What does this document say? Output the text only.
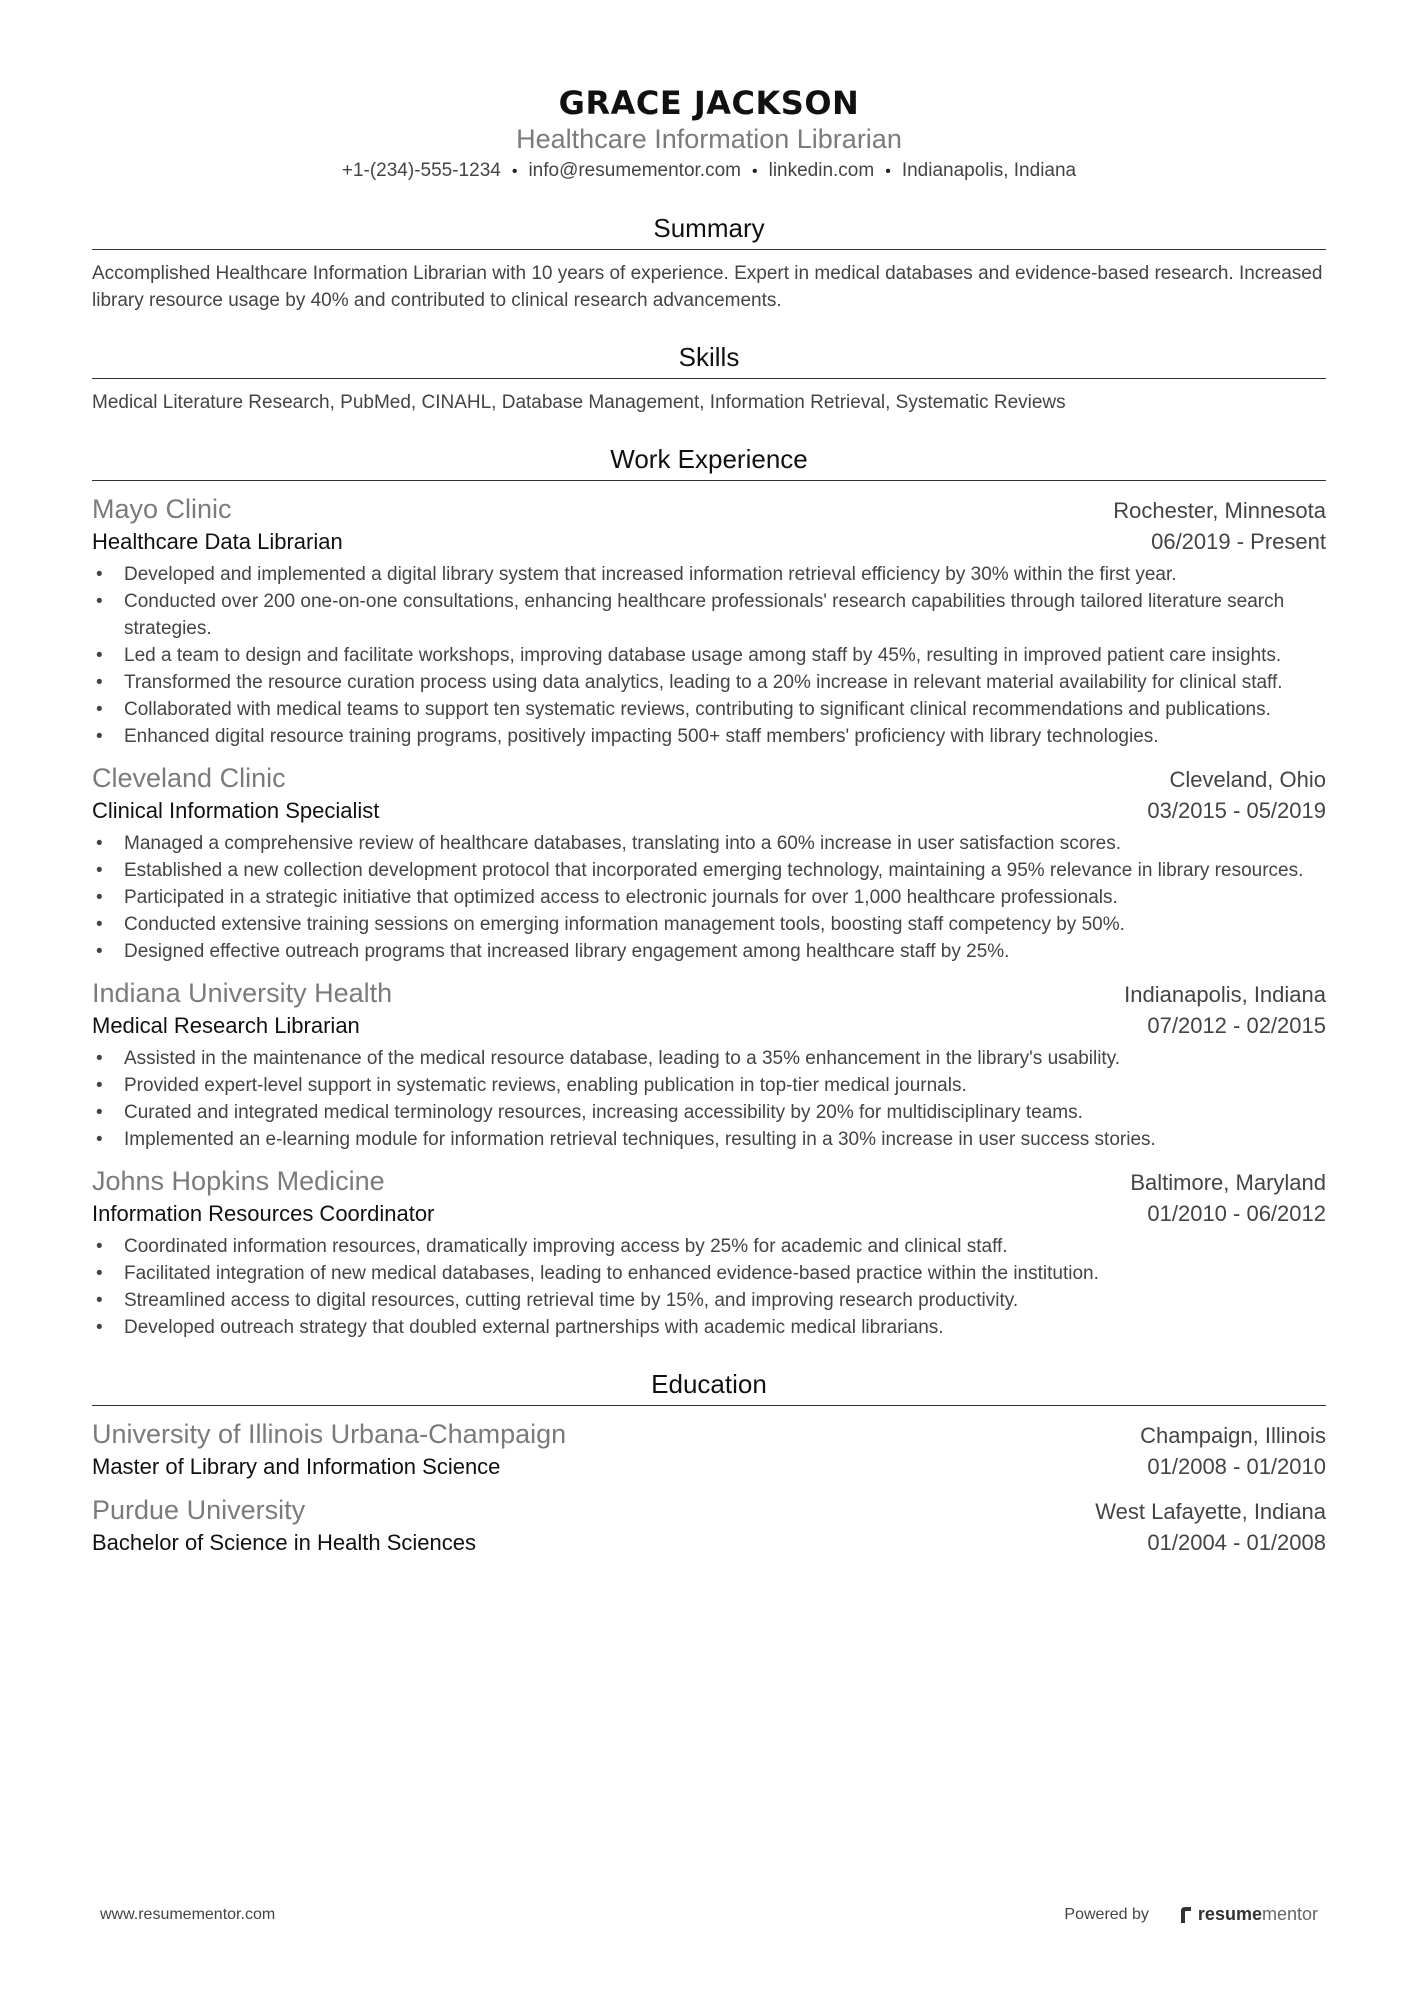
GRACE JACKSON
Healthcare Information Librarian
+1-(234)-555-1234 • info@resumementor.com • linkedin.com • Indianapolis, Indiana
Summary
Accomplished Healthcare Information Librarian with 10 years of experience. Expert in medical databases and evidence-based research. Increased library resource usage by 40% and contributed to clinical research advancements.
Skills
Medical Literature Research, PubMed, CINAHL, Database Management, Information Retrieval, Systematic Reviews
Work Experience
Mayo Clinic	Rochester, Minnesota
Healthcare Data Librarian	06/2019 - Present
• Developed and implemented a digital library system that increased information retrieval efficiency by 30% within the first year.
• Conducted over 200 one-on-one consultations, enhancing healthcare professionals' research capabilities through tailored literature search strategies.
• Led a team to design and facilitate workshops, improving database usage among staff by 45%, resulting in improved patient care insights.
• Transformed the resource curation process using data analytics, leading to a 20% increase in relevant material availability for clinical staff.
• Collaborated with medical teams to support ten systematic reviews, contributing to significant clinical recommendations and publications.
• Enhanced digital resource training programs, positively impacting 500+ staff members' proficiency with library technologies.
Cleveland Clinic	Cleveland, Ohio
Clinical Information Specialist	03/2015 - 05/2019
• Managed a comprehensive review of healthcare databases, translating into a 60% increase in user satisfaction scores.
• Established a new collection development protocol that incorporated emerging technology, maintaining a 95% relevance in library resources.
• Participated in a strategic initiative that optimized access to electronic journals for over 1,000 healthcare professionals.
• Conducted extensive training sessions on emerging information management tools, boosting staff competency by 50%.
• Designed effective outreach programs that increased library engagement among healthcare staff by 25%.
Indiana University Health	Indianapolis, Indiana
Medical Research Librarian	07/2012 - 02/2015
• Assisted in the maintenance of the medical resource database, leading to a 35% enhancement in the library's usability.
• Provided expert-level support in systematic reviews, enabling publication in top-tier medical journals.
• Curated and integrated medical terminology resources, increasing accessibility by 20% for multidisciplinary teams.
• Implemented an e-learning module for information retrieval techniques, resulting in a 30% increase in user success stories.
Johns Hopkins Medicine	Baltimore, Maryland
Information Resources Coordinator	01/2010 - 06/2012
• Coordinated information resources, dramatically improving access by 25% for academic and clinical staff.
• Facilitated integration of new medical databases, leading to enhanced evidence-based practice within the institution.
• Streamlined access to digital resources, cutting retrieval time by 15%, and improving research productivity.
• Developed outreach strategy that doubled external partnerships with academic medical librarians.
Education
University of Illinois Urbana-Champaign	Champaign, Illinois
Master of Library and Information Science	01/2008 - 01/2010
Purdue University	West Lafayette, Indiana
Bachelor of Science in Health Sciences	01/2004 - 01/2008
www.resumementor.com	Powered by	resume mentor
